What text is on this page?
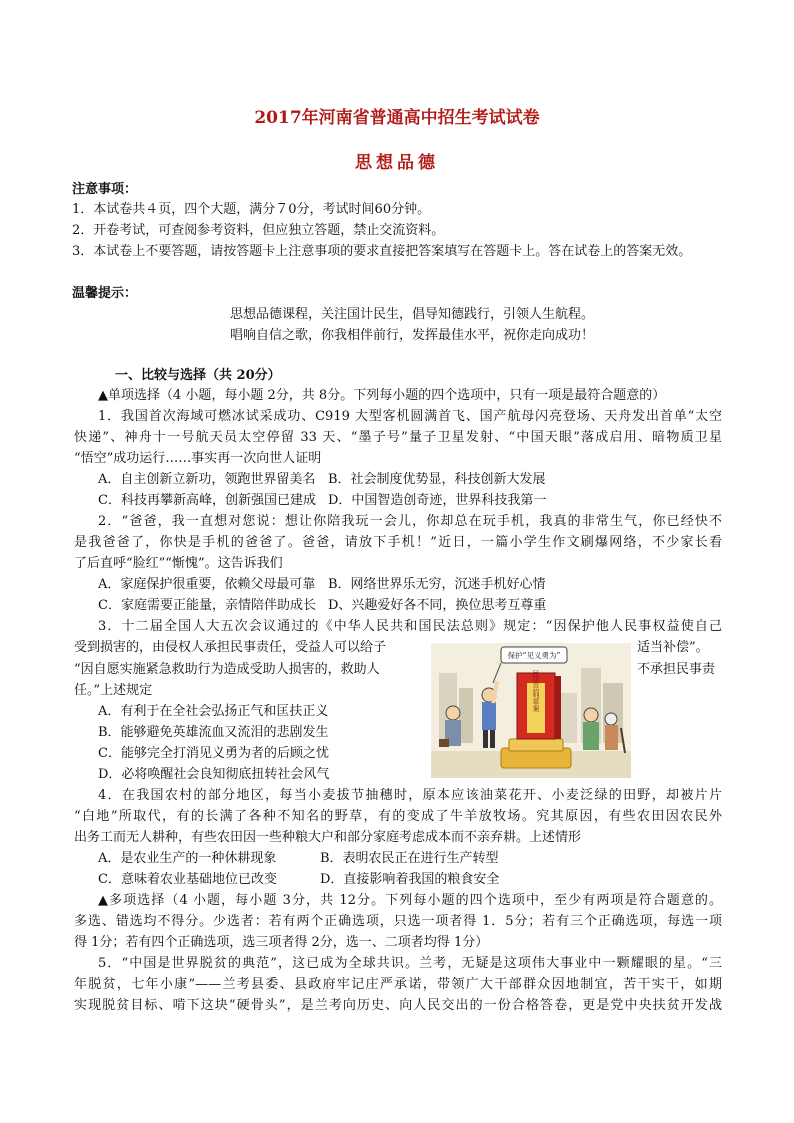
2017年河南省普通高中招生考试试卷
思想品德
注意事项：
1．本试卷共４页，四个大题，满分７0分，考试时间60分钟。
2．开卷考试，可查阅参考资料，但应独立答题，禁止交流资料。
3．本试卷上不要答题，请按答题卡上注意事项的要求直接把答案填写在答题卡上。答在试卷上的答案无效。
温馨提示：
思想品德课程，关注国计民生，倡导知德践行，引领人生航程。
唱响自信之歌，你我相伴前行，发挥最佳水平，祝你走向成功！
一、比较与选择（共 20分）
▲单项选择（4 小题，每小题 2分，共 8分。下列每小题的四个选项中，只有一项是最符合题意的）
1．我国首次海域可燃冰试采成功、C919 大型客机圆满首飞、国产航母闪亮登场、天舟发出首单“太空
快递”、神舟十一号航天员太空停留 33 天、“墨子号”量子卫星发射、“中国天眼”落成启用、暗物质卫星
“悟空”成功运行……事实再一次向世人证明
A．自主创新立新功，领跑世界留美名 B．社会制度优势显，科技创新大发展
C．科技再攀新高峰，创新强国已建成 D．中国智造创奇迹，世界科技我第一
2．“爸爸，我一直想对您说：想让你陪我玩一会儿，你却总在玩手机，我真的非常生气，你已经快不
是我爸爸了，你快是手机的爸爸了。爸爸，请放下手机！”近日，一篇小学生作文刷爆网络，不少家长看
了后直呼“脸红”“惭愧”。这告诉我们
A．家庭保护很重要，依赖父母最可靠 B．网络世界乐无穷，沉迷手机好心情
C．家庭需要正能量，亲情陪伴助成长 D、兴趣爱好各不同，换位思考互尊重
3．十二届全国人大五次会议通过的《中华人民共和国民法总则》规定：“因保护他人民事权益使自己
受到损害的，由侵权人承担民事责任，受益人可以给子	适当补偿”。
“因自愿实施紧急救助行为造成受助人损害的，救助人	不承担民事责
任。”上述规定
A．有利于在全社会弘扬正气和匡扶正义
B．能够避免英雄流血又流泪的悲剧发生
C．能够完全打消见义勇为者的后顾之忧
D．必将唤醒社会良知彻底扭转社会风气
民法总则草案
保护“见义勇为”
4．在我国农村的部分地区，每当小麦拔节抽穗时，原本应该油菜花开、小麦泛绿的田野，却被片片
“白地”所取代，有的长满了各种不知名的野草，有的变成了牛羊放牧场。究其原因，有些农田因农民外
出务工而无人耕种，有些农田因一些种粮大户和部分家庭考虑成本而不亲弃耕。上述情形
A．是农业生产的一种休耕现象	B．表明农民正在进行生产转型
C．意味着农业基础地位已改变	D．直接影响着我国的粮食安全
▲多项选择（4 小题，每小题 3分，共 12分。下列每小题的四个选项中，至少有两项是符合题意的。
多选、错选均不得分。少选者：若有两个正确选项，只选一项者得 1．5分；若有三个正确选项，每选一项
得 1分；若有四个正确选项，选三项者得 2分，选一、二项者均得 1分）
5．“中国是世界脱贫的典范”，这已成为全球共识。兰考，无疑是这项伟大事业中一颗耀眼的星。“三
年脱贫，七年小康”——兰考县委、县政府牢记庄严承诺，带领广大干部群众因地制宜，苦干实干，如期
实现脱贫目标、啃下这块“硬骨头”，是兰考向历史、向人民交出的一份合格答卷，更是党中央扶贫开发战
